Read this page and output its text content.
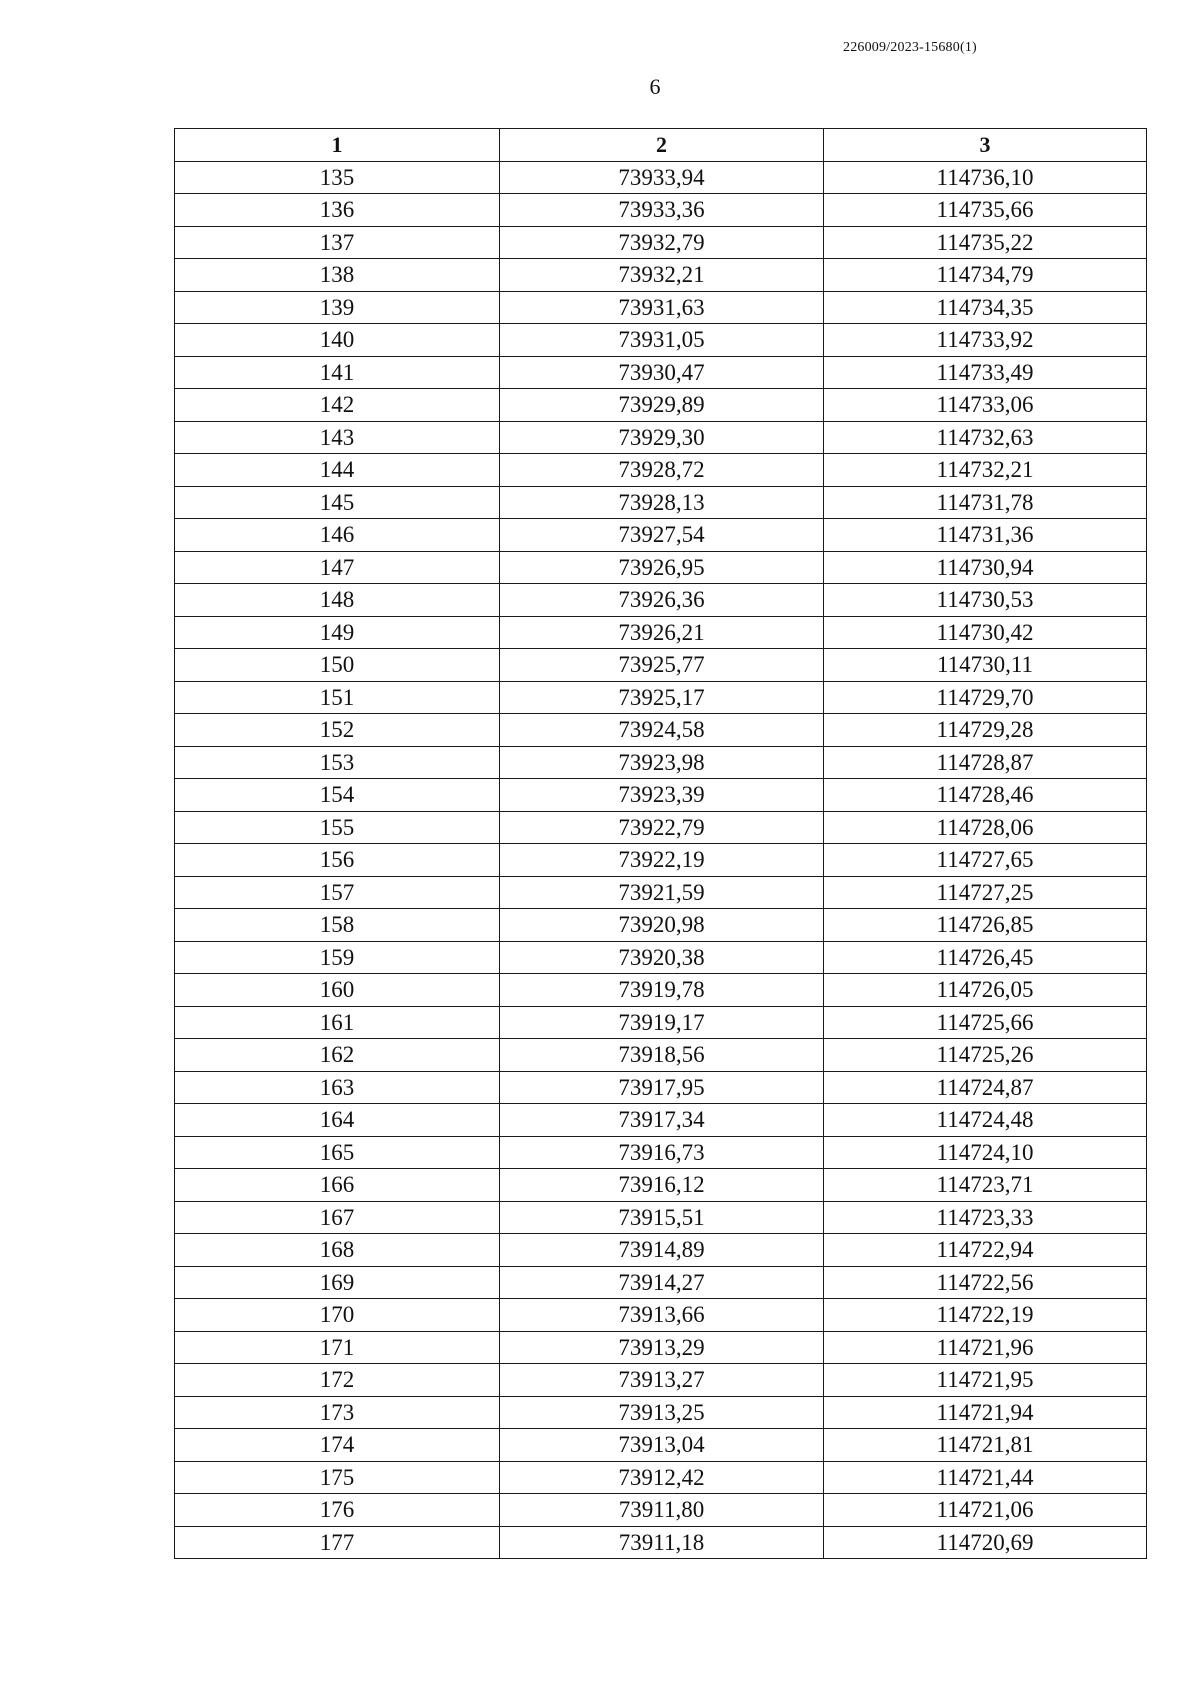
226009/2023-15680(1)
6
1	2	3
135	73933,94	114736,10
136	73933,36	114735,66
137	73932,79	114735,22
138	73932,21	114734,79
139	73931,63	114734,35
140	73931,05	114733,92
141	73930,47	114733,49
142	73929,89	114733,06
143	73929,30	114732,63
144	73928,72	114732,21
145	73928,13	114731,78
146	73927,54	114731,36
147	73926,95	114730,94
148	73926,36	114730,53
149	73926,21	114730,42
150	73925,77	114730,11
151	73925,17	114729,70
152	73924,58	114729,28
153	73923,98	114728,87
154	73923,39	114728,46
155	73922,79	114728,06
156	73922,19	114727,65
157	73921,59	114727,25
158	73920,98	114726,85
159	73920,38	114726,45
160	73919,78	114726,05
161	73919,17	114725,66
162	73918,56	114725,26
163	73917,95	114724,87
164	73917,34	114724,48
165	73916,73	114724,10
166	73916,12	114723,71
167	73915,51	114723,33
168	73914,89	114722,94
169	73914,27	114722,56
170	73913,66	114722,19
171	73913,29	114721,96
172	73913,27	114721,95
173	73913,25	114721,94
174	73913,04	114721,81
175	73912,42	114721,44
176	73911,80	114721,06
177	73911,18	114720,69
